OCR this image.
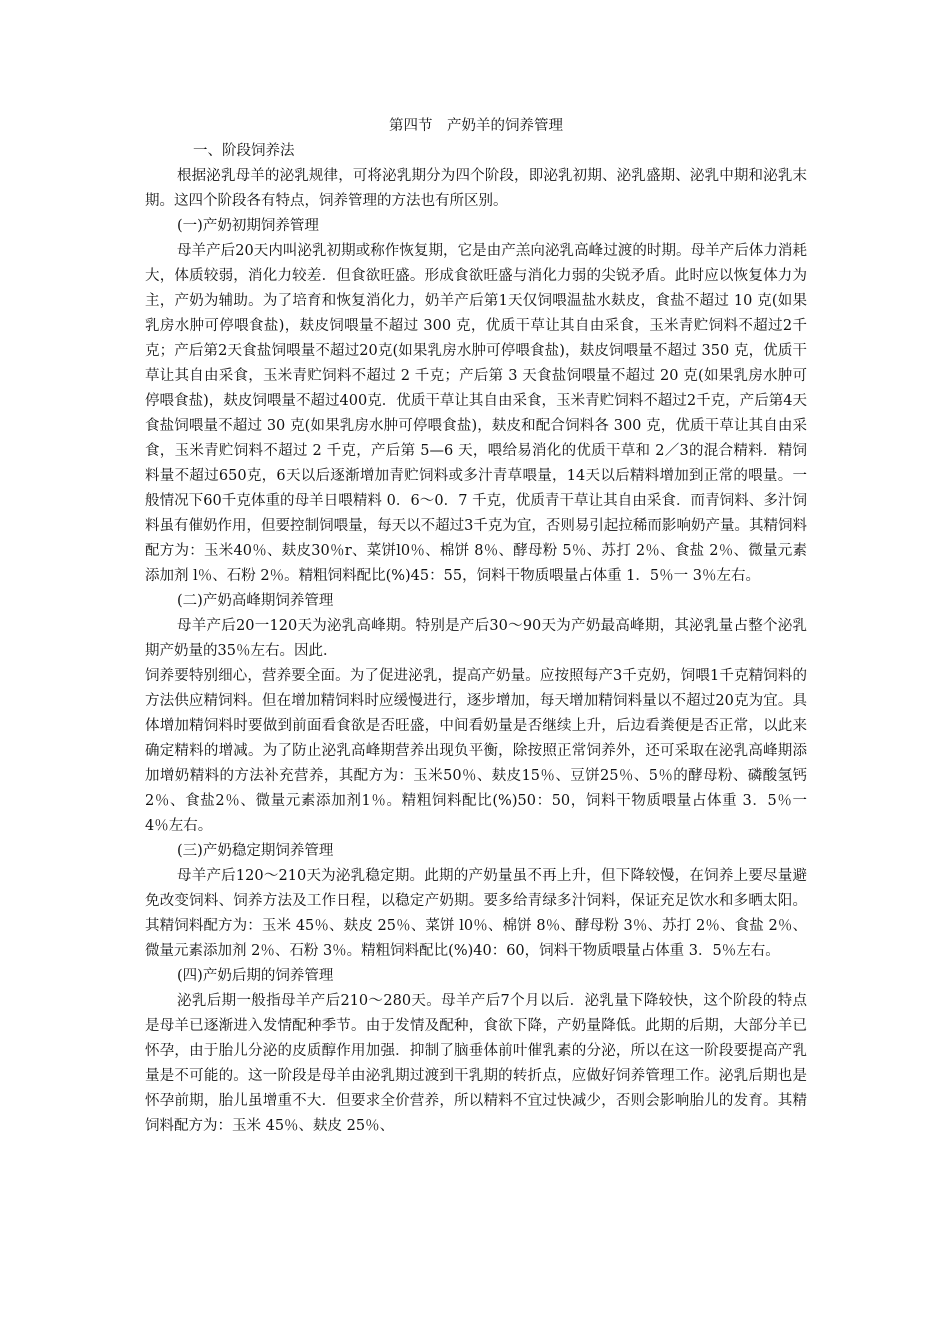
第四节　产奶羊的饲养管理
一、阶段饲养法
根据泌乳母羊的泌乳规律，可将泌乳期分为四个阶段，即泌乳初期、泌乳盛期、泌乳中期和泌乳末期。这四个阶段各有特点，饲养管理的方法也有所区别。
(一)产奶初期饲养管理
母羊产后20天内叫泌乳初期或称作恢复期，它是由产羔向泌乳高峰过渡的时期。母羊产后体力消耗大，体质较弱，消化力较差．但食欲旺盛。形成食欲旺盛与消化力弱的尖锐矛盾。此时应以恢复体力为主，产奶为辅助。为了培育和恢复消化力，奶羊产后第1天仅饲喂温盐水麸皮，食盐不超过 10 克(如果乳房水肿可停喂食盐)，麸皮饲喂量不超过 300 克，优质干草让其自由采食，玉米青贮饲料不超过2千克；产后第2天食盐饲喂量不超过20克(如果乳房水肿可停喂食盐)，麸皮饲喂量不超过 350 克，优质干草让其自由采食，玉米青贮饲料不超过 2 千克；产后第 3 天食盐饲喂量不超过 20 克(如果乳房水肿可停喂食盐)，麸皮饲喂量不超过400克．优质干草让其自由采食，玉米青贮饲料不超过2千克，产后第4天食盐饲喂量不超过 30 克(如果乳房水肿可停喂食盐)，麸皮和配合饲料各 300 克，优质干草让其自由采食，玉米青贮饲料不超过 2 千克，产后第 5—6 天，喂给易消化的优质干草和 2／3的混合精料．精饲料量不超过650克，6天以后逐渐增加青贮饲料或多汁青草喂量，14天以后精料增加到正常的喂量。一般情况下60千克体重的母羊日喂精料 0．6～0．7 千克，优质青干草让其自由采食．而青饲料、多汁饲料虽有催奶作用，但要控制饲喂量，每天以不超过3千克为宜，否则易引起拉稀而影响奶产量。其精饲料配方为：玉米40％、麸皮30％r、菜饼l0％、棉饼 8％、酵母粉 5％、苏打 2％、食盐 2％、微量元素添加剂 l％、石粉 2％。精粗饲料配比(%)45：55，饲料干物质喂量占体重 1．5％一 3％左右。
(二)产奶高峰期饲养管理
母羊产后20一120天为泌乳高峰期。特别是产后30～90天为产奶最高峰期，其泌乳量占整个泌乳期产奶量的35％左右。因此．
饲养要特别细心，营养要全面。为了促进泌乳，提高产奶量。应按照每产3千克奶，饲喂1千克精饲料的方法供应精饲料。但在增加精饲料时应缓慢进行，逐步增加，每天增加精饲料量以不超过20克为宜。具体增加精饲料时要做到前面看食欲是否旺盛，中间看奶量是否继续上升，后边看粪便是否正常，以此来确定精料的增减。为了防止泌乳高峰期营养出现负平衡，除按照正常饲养外，还可采取在泌乳高峰期添加增奶精料的方法补充营养，其配方为：玉米50％、麸皮15％、豆饼25％、5％的酵母粉、磷酸氢钙2％、食盐2％、微量元素添加剂1％。精粗饲料配比(%)50：50，饲料干物质喂量占体重 3．5％一 4％左右。
(三)产奶稳定期饲养管理
母羊产后120～210天为泌乳稳定期。此期的产奶量虽不再上升，但下降较慢，在饲养上要尽量避免改变饲料、饲养方法及工作日程，以稳定产奶期。要多给青绿多汁饲料，保证充足饮水和多晒太阳。其精饲料配方为：玉米 45％、麸皮 25％、菜饼 l0％、棉饼 8％、酵母粉 3％、苏打 2％、食盐 2％、微量元素添加剂 2％、石粉 3％。精粗饲料配比(%)40：60，饲料干物质喂量占体重 3．5％左右。
(四)产奶后期的饲养管理
泌乳后期一般指母羊产后210～280天。母羊产后7个月以后．泌乳量下降较快，这个阶段的特点是母羊已逐渐进入发情配种季节。由于发情及配种，食欲下降，产奶量降低。此期的后期，大部分羊已怀孕，由于胎儿分泌的皮质醇作用加强．抑制了脑垂体前叶催乳素的分泌，所以在这一阶段要提高产乳量是不可能的。这一阶段是母羊由泌乳期过渡到干乳期的转折点，应做好饲养管理工作。泌乳后期也是怀孕前期，胎儿虽增重不大．但要求全价营养，所以精料不宜过快减少，否则会影响胎儿的发育。其精饲料配方为：玉米 45％、麸皮 25％、
